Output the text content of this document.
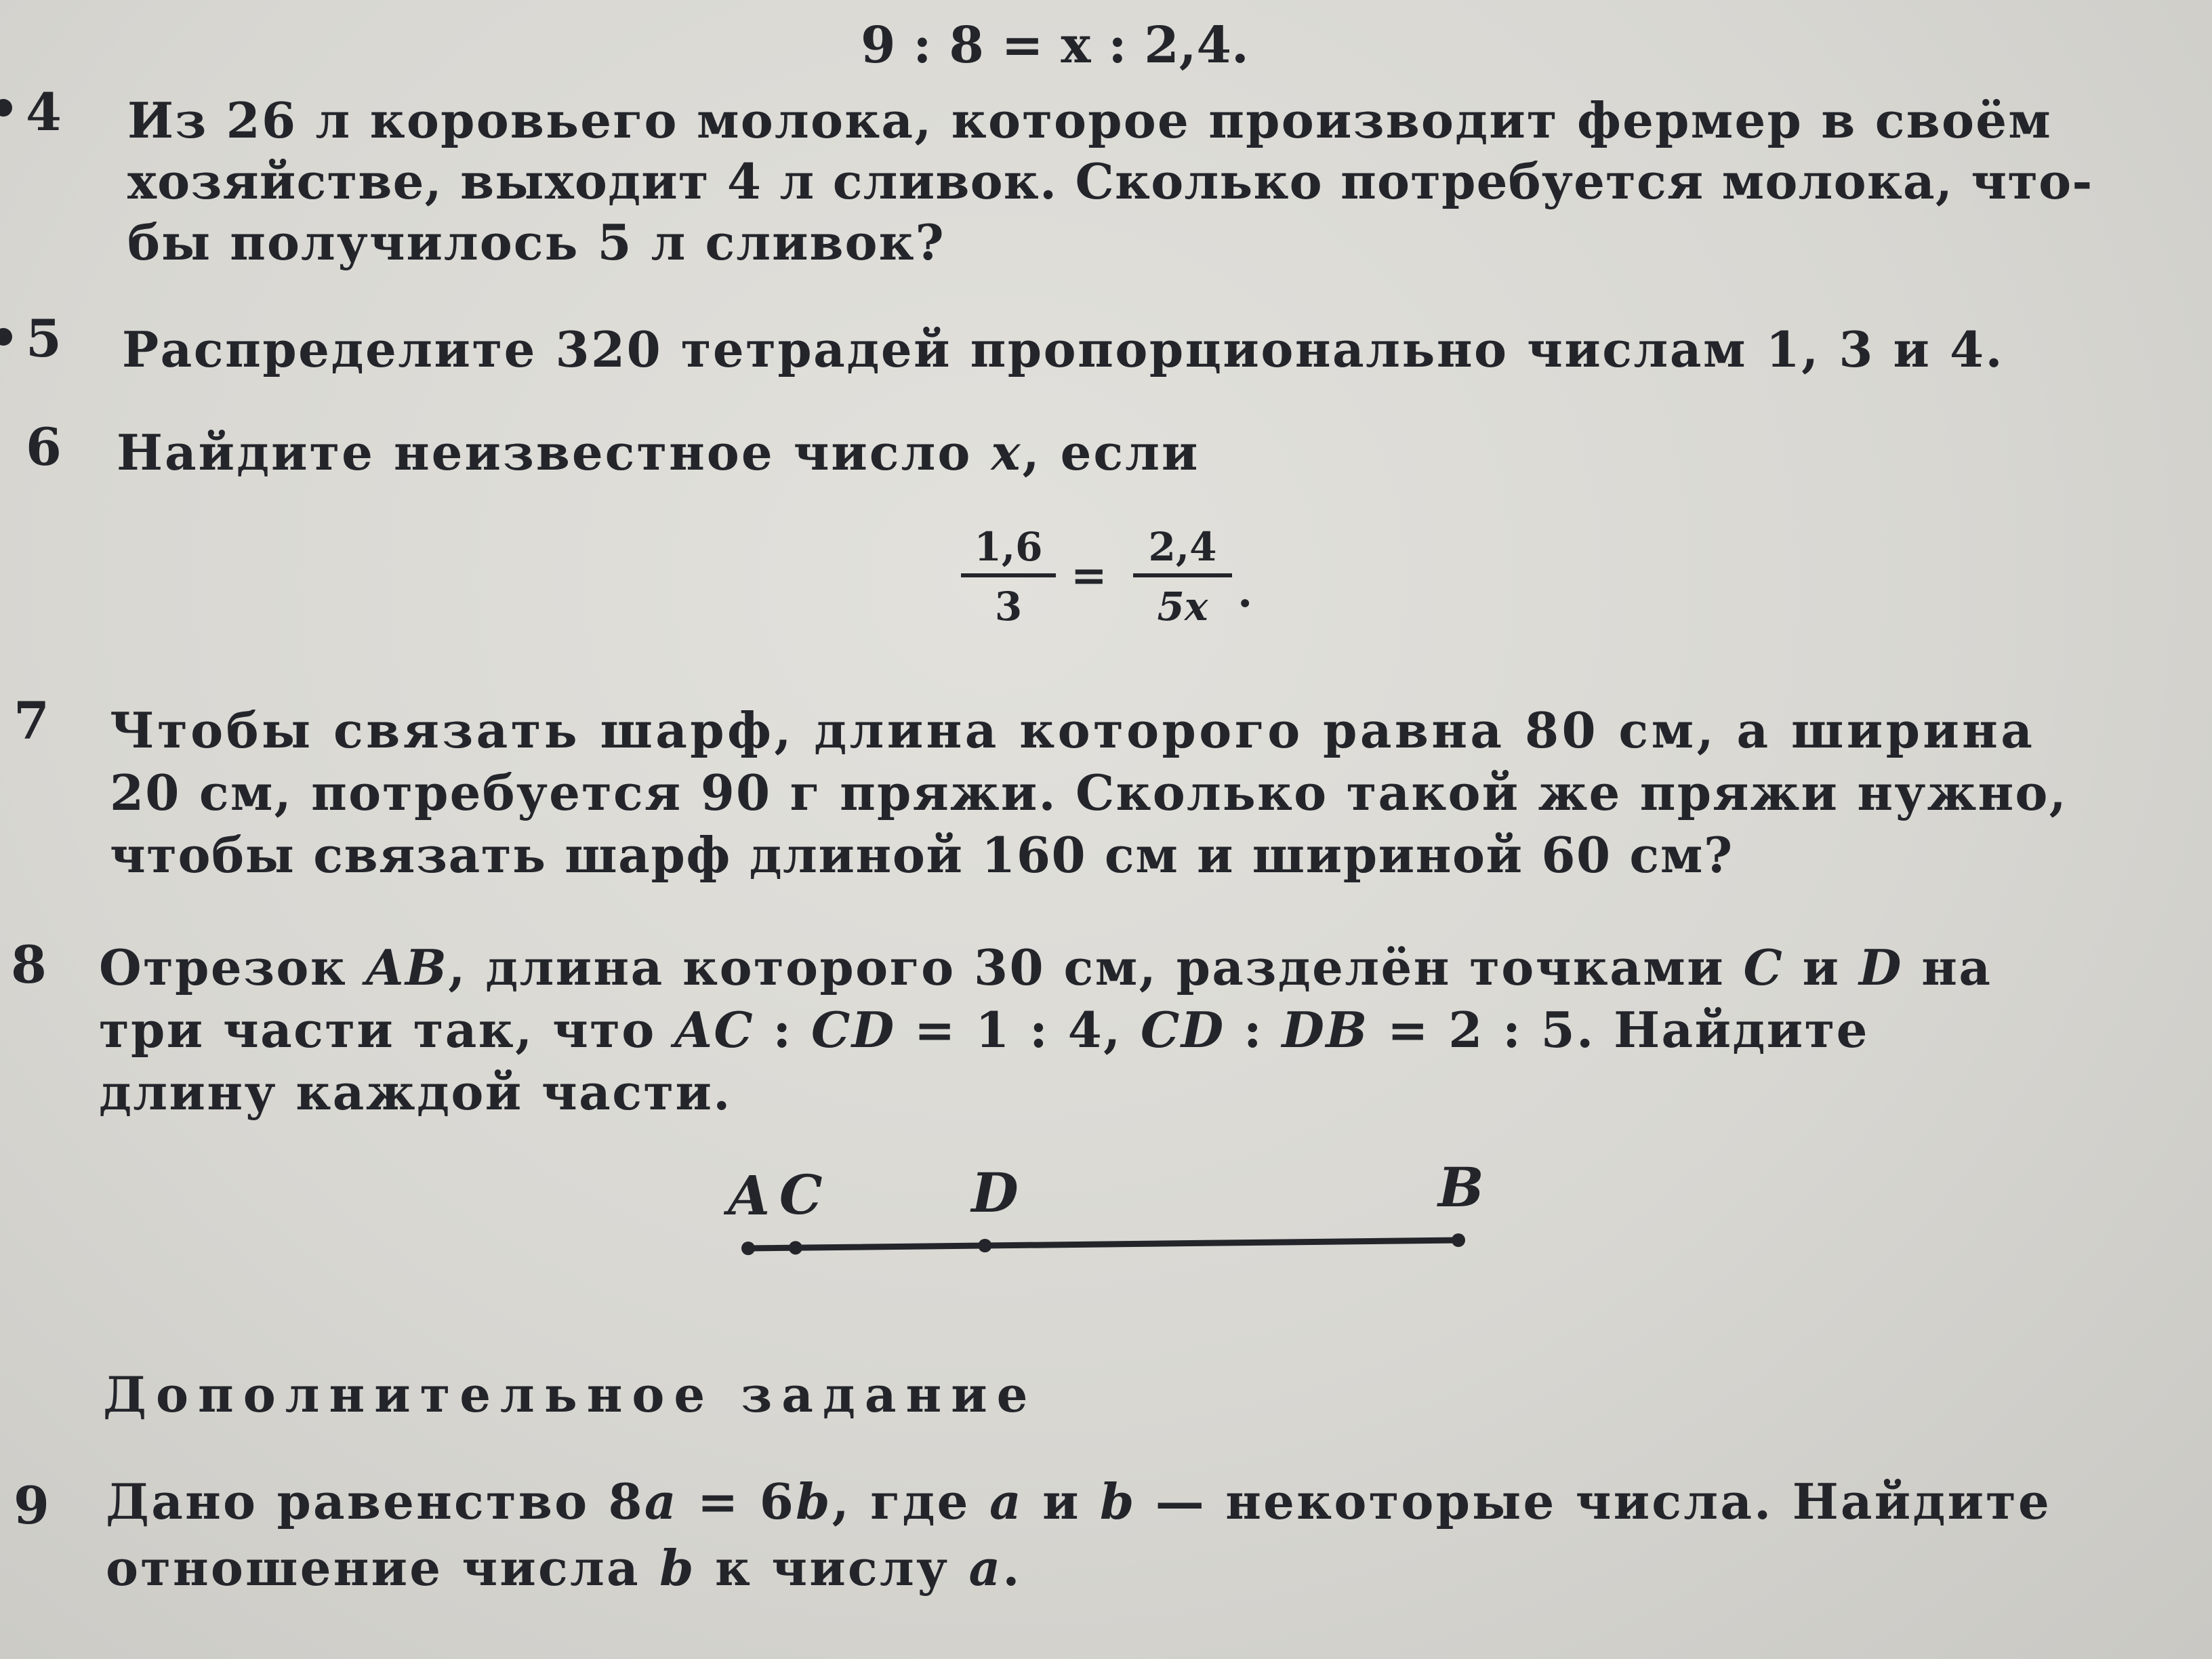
9 : 8 = x : 2,4.
4 Из 26 л коровьего молока, которое производит фермер в своём
хозяйстве, выходит 4 л сливок. Сколько потребуется молока, что-
бы получилось 5 л сливок?
5 Распределите 320 тетрадей пропорционально числам 1, 3 и 4.
6 Найдите неизвестное число x, если
$\frac{1,6}{3} = \frac{2,4}{5x}$ .
7 Чтобы связать шарф, длина которого равна 80 см, а ширина
20 см, потребуется 90 г пряжи. Сколько такой же пряжи нужно,
чтобы связать шарф длиной 160 см и шириной 60 см?
8 Отрезок AB, длина которого 30 см, разделён точками C и D на
три части так, что AC : CD = 1 : 4, CD : DB = 2 : 5. Найдите
длину каждой части.
A C	D	B
Дополнительное задание
9 Дано равенство 8a = 6b, где a и b — некоторые числа. Найдите
отношение числа b к числу a.
